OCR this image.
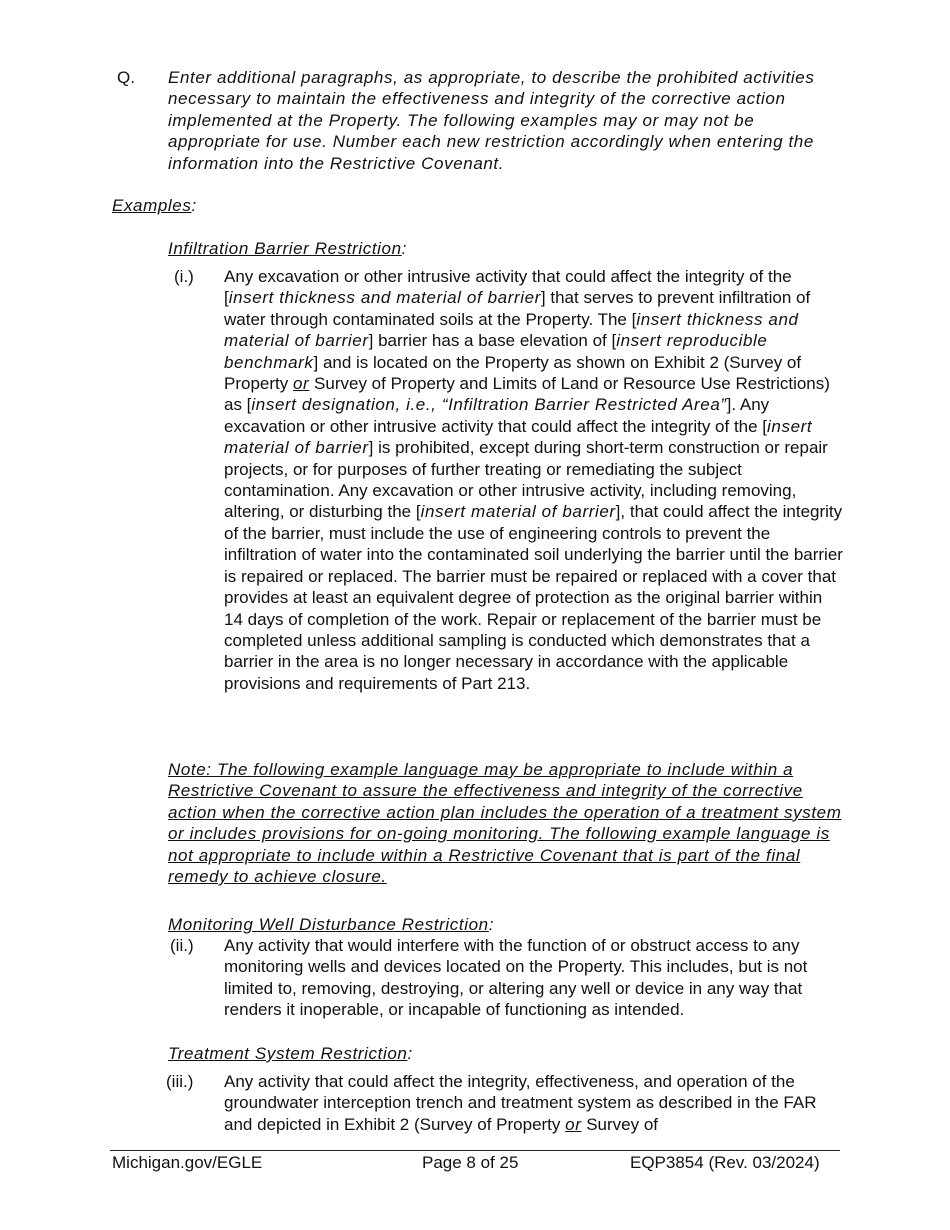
Q. Enter additional paragraphs, as appropriate, to describe the prohibited activities necessary to maintain the effectiveness and integrity of the corrective action implemented at the Property. The following examples may or may not be appropriate for use. Number each new restriction accordingly when entering the information into the Restrictive Covenant.

Examples:
Infiltration Barrier Restriction:
(i.) Any excavation or other intrusive activity that could affect the integrity of the [insert thickness and material of barrier] that serves to prevent infiltration of water through contaminated soils at the Property. The [insert thickness and material of barrier] barrier has a base elevation of [insert reproducible benchmark] and is located on the Property as shown on Exhibit 2 (Survey of Property or Survey of Property and Limits of Land or Resource Use Restrictions) as [insert designation, i.e., “Infiltration Barrier Restricted Area”]. Any excavation or other intrusive activity that could affect the integrity of the [insert material of barrier] is prohibited, except during short-term construction or repair projects, or for purposes of further treating or remediating the subject contamination. Any excavation or other intrusive activity, including removing, altering, or disturbing the [insert material of barrier], that could affect the integrity of the barrier, must include the use of engineering controls to prevent the infiltration of water into the contaminated soil underlying the barrier until the barrier is repaired or replaced. The barrier must be repaired or replaced with a cover that provides at least an equivalent degree of protection as the original barrier within 14 days of completion of the work. Repair or replacement of the barrier must be completed unless additional sampling is conducted which demonstrates that a barrier in the area is no longer necessary in accordance with the applicable provisions and requirements of Part 213.

Note: The following example language may be appropriate to include within a Restrictive Covenant to assure the effectiveness and integrity of the corrective action when the corrective action plan includes the operation of a treatment system or includes provisions for on-going monitoring. The following example language is not appropriate to include within a Restrictive Covenant that is part of the final remedy to achieve closure.

Monitoring Well Disturbance Restriction:
(ii.) Any activity that would interfere with the function of or obstruct access to any monitoring wells and devices located on the Property. This includes, but is not limited to, removing, destroying, or altering any well or device in any way that renders it inoperable, or incapable of functioning as intended.

Treatment System Restriction:
(iii.) Any activity that could affect the integrity, effectiveness, and operation of the groundwater interception trench and treatment system as described in the FAR and depicted in Exhibit 2 (Survey of Property or Survey of

Michigan.gov/EGLE	Page 8 of 25	EQP3854 (Rev. 03/2024)
